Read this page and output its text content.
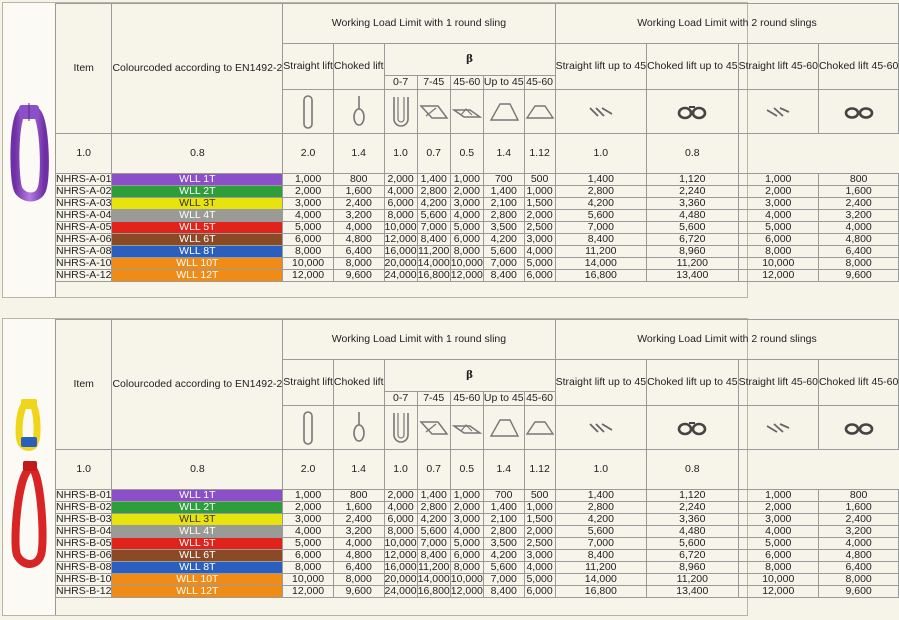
Item	Colourcoded according to EN1492-2	Working Load Limit with 1 round sling							Working Load Limit with 2 round slings			
		Straight lift	Choked lift	β					Straight lift up to 45	Choked lift up to 45	Straight lift 45-60	Choked lift 45-60
				0-7	7-45	45-60	Up to 45	45-60				

1.0	0.8	2.0	1.4	1.0	0.7	0.5	1.4	1.12	1.0	0.8		
NHRS-A-01	WLL 1T	1,000	800	2,000	1,400	1,000	700	500	1,400	1,120	1,000	800
NHRS-A-02	WLL 2T	2,000	1,600	4,000	2,800	2,000	1,400	1,000	2,800	2,240	2,000	1,600
NHRS-A-03	WLL 3T	3,000	2,400	6,000	4,200	3,000	2,100	1,500	4,200	3,360	3,000	2,400
NHRS-A-04	WLL 4T	4,000	3,200	8,000	5,600	4,000	2,800	2,000	5,600	4,480	4,000	3,200
NHRS-A-05	WLL 5T	5,000	4,000	10,000	7,000	5,000	3,500	2,500	7,000	5,600	5,000	4,000
NHRS-A-06	WLL 6T	6,000	4,800	12,000	8,400	6,000	4,200	3,000	8,400	6,720	6,000	4,800
NHRS-A-08	WLL 8T	8,000	6,400	16,000	11,200	8,000	5,600	4,000	11,200	8,960	8,000	6,400
NHRS-A-10	WLL 10T	10,000	8,000	20,000	14,000	10,000	7,000	5,000	14,000	11,200	10,000	8,000
NHRS-A-12	WLL 12T	12,000	9,600	24,000	16,800	12,000	8,400	6,000	16,800	13,400	12,000	9,600
Item	Colourcoded according to EN1492-2	Working Load Limit with 1 round sling							Working Load Limit with 2 round slings			
		Straight lift	Choked lift	β					Straight lift up to 45	Choked lift up to 45	Straight lift 45-60	Choked lift 45-60
				0-7	7-45	45-60	Up to 45	45-60				

1.0	0.8	2.0	1.4	1.0	0.7	0.5	1.4	1.12	1.0	0.8		
NHRS-B-01	WLL 1T	1,000	800	2,000	1,400	1,000	700	500	1,400	1,120	1,000	800
NHRS-B-02	WLL 2T	2,000	1,600	4,000	2,800	2,000	1,400	1,000	2,800	2,240	2,000	1,600
NHRS-B-03	WLL 3T	3,000	2,400	6,000	4,200	3,000	2,100	1,500	4,200	3,360	3,000	2,400
NHRS-B-04	WLL 4T	4,000	3,200	8,000	5,600	4,000	2,800	2,000	5,600	4,480	4,000	3,200
NHRS-B-05	WLL 5T	5,000	4,000	10,000	7,000	5,000	3,500	2,500	7,000	5,600	5,000	4,000
NHRS-B-06	WLL 6T	6,000	4,800	12,000	8,400	6,000	4,200	3,000	8,400	6,720	6,000	4,800
NHRS-B-08	WLL 8T	8,000	6,400	16,000	11,200	8,000	5,600	4,000	11,200	8,960	8,000	6,400
NHRS-B-10	WLL 10T	10,000	8,000	20,000	14,000	10,000	7,000	5,000	14,000	11,200	10,000	8,000
NHRS-B-12	WLL 12T	12,000	9,600	24,000	16,800	12,000	8,400	6,000	16,800	13,400	12,000	9,600
